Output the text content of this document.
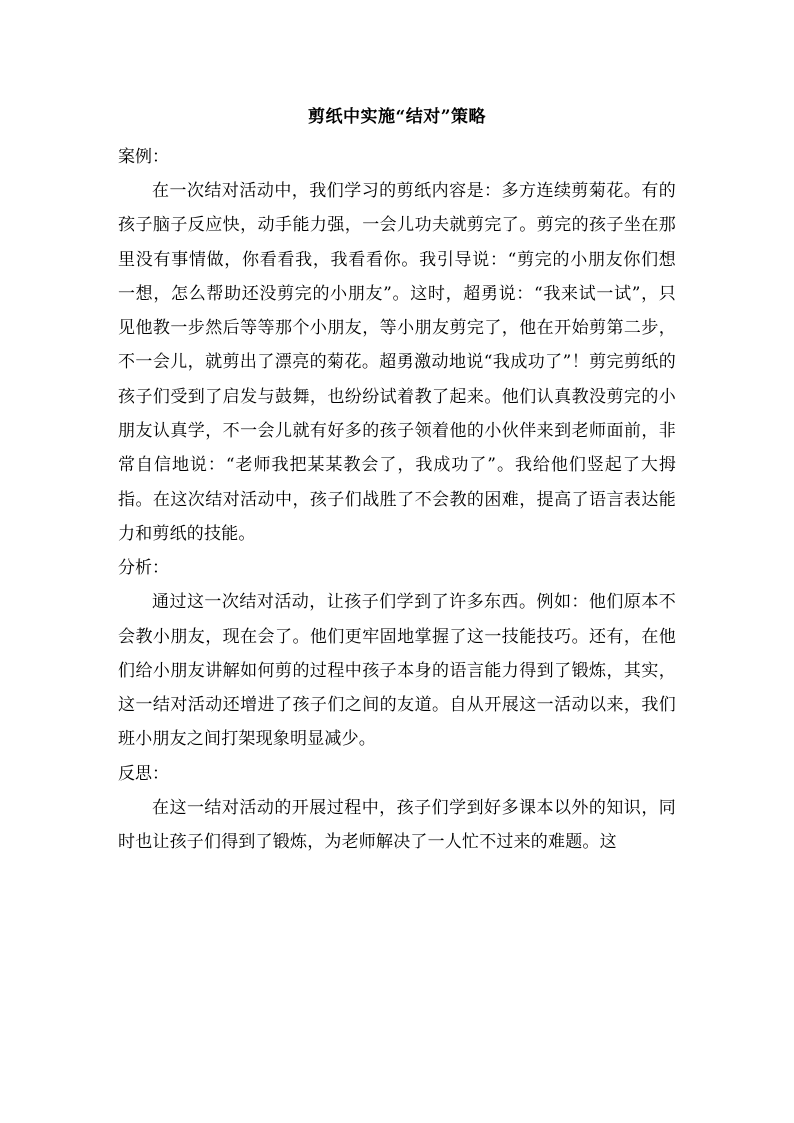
剪纸中实施“结对”策略
案例：

在一次结对活动中，我们学习的剪纸内容是：多方连续剪菊花。有的孩子脑子反应快，动手能力强，一会儿功夫就剪完了。剪完的孩子坐在那里没有事情做，你看看我，我看看你。我引导说：“剪完的小朋友你们想一想，怎么帮助还没剪完的小朋友”。这时，超勇说：“我来试一试”，只见他教一步然后等等那个小朋友，等小朋友剪完了，他在开始剪第二步，不一会儿，就剪出了漂亮的菊花。超勇激动地说“我成功了”！剪完剪纸的孩子们受到了启发与鼓舞，也纷纷试着教了起来。他们认真教没剪完的小朋友认真学，不一会儿就有好多的孩子领着他的小伙伴来到老师面前，非常自信地说：“老师我把某某教会了，我成功了”。我给他们竖起了大拇指。在这次结对活动中，孩子们战胜了不会教的困难，提高了语言表达能力和剪纸的技能。

分析：

通过这一次结对活动，让孩子们学到了许多东西。例如：他们原本不会教小朋友，现在会了。他们更牢固地掌握了这一技能技巧。还有，在他们给小朋友讲解如何剪的过程中孩子本身的语言能力得到了锻炼，其实，这一结对活动还增进了孩子们之间的友道。自从开展这一活动以来，我们班小朋友之间打架现象明显减少。

反思：

在这一结对活动的开展过程中，孩子们学到好多课本以外的知识，同时也让孩子们得到了锻炼，为老师解决了一人忙不过来的难题。这
